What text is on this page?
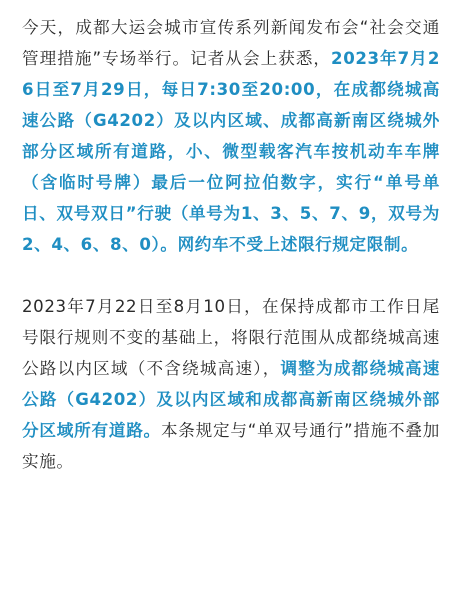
今天，成都大运会城市宣传系列新闻发布会“社会交通管理措施”专场举行。记者从会上获悉，2023年7月26日至7月29日，每日7:30至20:00，在成都绕城高速公路（G4202）及以内区域、成都高新南区绕城外部分区域所有道路，小、微型载客汽车按机动车车牌（含临时号牌）最后一位阿拉伯数字，实行“单号单日、双号双日”行驶（单号为1、3、5、7、9，双号为2、4、6、8、0）。网约车不受上述限行规定限制。

2023年7月22日至8月10日，在保持成都市工作日尾号限行规则不变的基础上，将限行范围从成都绕城高速公路以内区域（不含绕城高速），调整为成都绕城高速公路（G4202）及以内区域和成都高新南区绕城外部分区域所有道路。本条规定与“单双号通行”措施不叠加实施。
